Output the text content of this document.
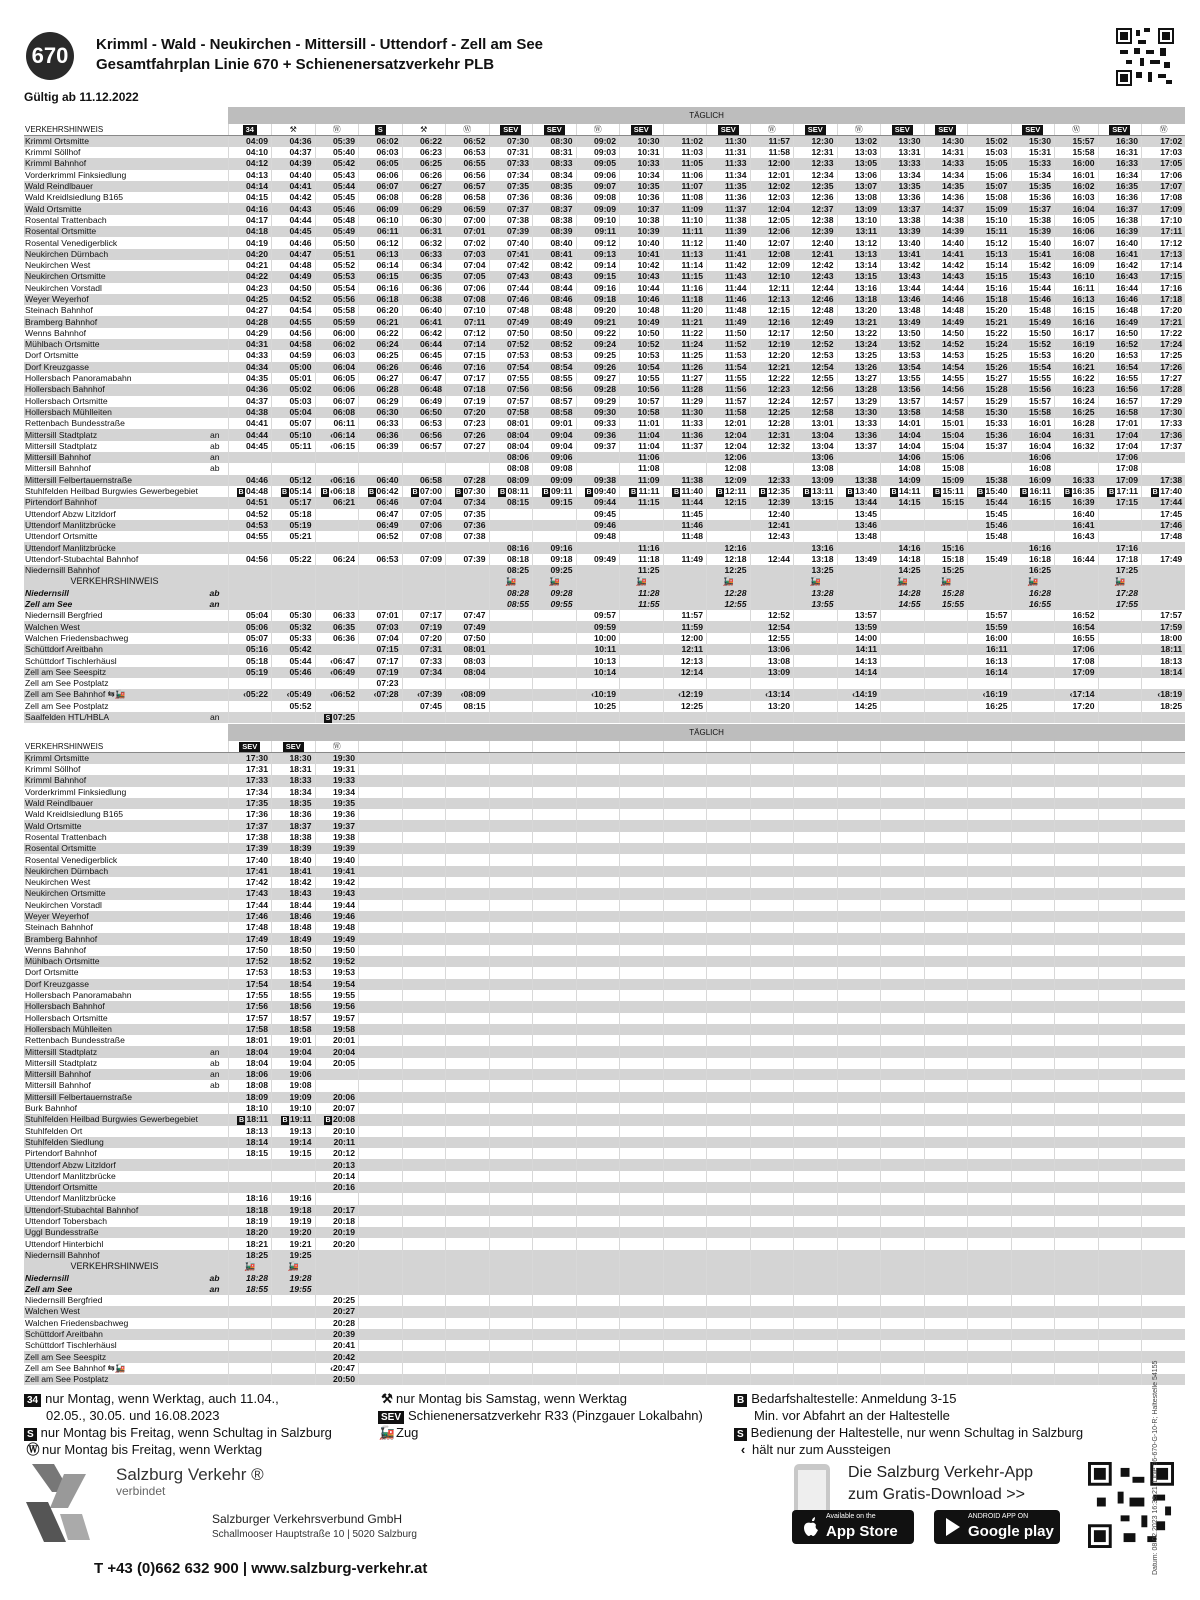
670	Krimml - Wald - Neukirchen - Mittersill - Uttendorf - Zell am See
Gesamtfahrplan Linie 670 + Schienenersatzverkehr PLB
Gültig ab 11.12.2022
		TÄGLICH																					
VERKEHRSHINWEIS		34	⚒	Ⓦ	S	⚒	Ⓦ	SEV	SEV	Ⓦ	SEV		SEV	Ⓦ	SEV	Ⓦ	SEV	SEV		SEV	Ⓦ	SEV	Ⓦ
Krimml Ortsmitte		04:09	04:36	05:39	06:02	06:22	06:52	07:30	08:30	09:02	10:30	11:02	11:30	11:57	12:30	13:02	13:30	14:30	15:02	15:30	15:57	16:30	17:02
Krimml Söllhof		04:10	04:37	05:40	06:03	06:23	06:53	07:31	08:31	09:03	10:31	11:03	11:31	11:58	12:31	13:03	13:31	14:31	15:03	15:31	15:58	16:31	17:03
Krimml Bahnhof		04:12	04:39	05:42	06:05	06:25	06:55	07:33	08:33	09:05	10:33	11:05	11:33	12:00	12:33	13:05	13:33	14:33	15:05	15:33	16:00	16:33	17:05
Vorderkrimml Finksiedlung		04:13	04:40	05:43	06:06	06:26	06:56	07:34	08:34	09:06	10:34	11:06	11:34	12:01	12:34	13:06	13:34	14:34	15:06	15:34	16:01	16:34	17:06
Wald Reindlbauer		04:14	04:41	05:44	06:07	06:27	06:57	07:35	08:35	09:07	10:35	11:07	11:35	12:02	12:35	13:07	13:35	14:35	15:07	15:35	16:02	16:35	17:07
Wald Kreidlsiedlung B165		04:15	04:42	05:45	06:08	06:28	06:58	07:36	08:36	09:08	10:36	11:08	11:36	12:03	12:36	13:08	13:36	14:36	15:08	15:36	16:03	16:36	17:08
Wald Ortsmitte		04:16	04:43	05:46	06:09	06:29	06:59	07:37	08:37	09:09	10:37	11:09	11:37	12:04	12:37	13:09	13:37	14:37	15:09	15:37	16:04	16:37	17:09
Rosental Trattenbach		04:17	04:44	05:48	06:10	06:30	07:00	07:38	08:38	09:10	10:38	11:10	11:38	12:05	12:38	13:10	13:38	14:38	15:10	15:38	16:05	16:38	17:10
Rosental Ortsmitte		04:18	04:45	05:49	06:11	06:31	07:01	07:39	08:39	09:11	10:39	11:11	11:39	12:06	12:39	13:11	13:39	14:39	15:11	15:39	16:06	16:39	17:11
Rosental Venedigerblick		04:19	04:46	05:50	06:12	06:32	07:02	07:40	08:40	09:12	10:40	11:12	11:40	12:07	12:40	13:12	13:40	14:40	15:12	15:40	16:07	16:40	17:12
Neukirchen Dürnbach		04:20	04:47	05:51	06:13	06:33	07:03	07:41	08:41	09:13	10:41	11:13	11:41	12:08	12:41	13:13	13:41	14:41	15:13	15:41	16:08	16:41	17:13
Neukirchen West		04:21	04:48	05:52	06:14	06:34	07:04	07:42	08:42	09:14	10:42	11:14	11:42	12:09	12:42	13:14	13:42	14:42	15:14	15:42	16:09	16:42	17:14
Neukirchen Ortsmitte		04:22	04:49	05:53	06:15	06:35	07:05	07:43	08:43	09:15	10:43	11:15	11:43	12:10	12:43	13:15	13:43	14:43	15:15	15:43	16:10	16:43	17:15
Neukirchen Vorstadl		04:23	04:50	05:54	06:16	06:36	07:06	07:44	08:44	09:16	10:44	11:16	11:44	12:11	12:44	13:16	13:44	14:44	15:16	15:44	16:11	16:44	17:16
Weyer Weyerhof		04:25	04:52	05:56	06:18	06:38	07:08	07:46	08:46	09:18	10:46	11:18	11:46	12:13	12:46	13:18	13:46	14:46	15:18	15:46	16:13	16:46	17:18
Steinach Bahnhof		04:27	04:54	05:58	06:20	06:40	07:10	07:48	08:48	09:20	10:48	11:20	11:48	12:15	12:48	13:20	13:48	14:48	15:20	15:48	16:15	16:48	17:20
Bramberg Bahnhof		04:28	04:55	05:59	06:21	06:41	07:11	07:49	08:49	09:21	10:49	11:21	11:49	12:16	12:49	13:21	13:49	14:49	15:21	15:49	16:16	16:49	17:21
Wenns Bahnhof		04:29	04:56	06:00	06:22	06:42	07:12	07:50	08:50	09:22	10:50	11:22	11:50	12:17	12:50	13:22	13:50	14:50	15:22	15:50	16:17	16:50	17:22
Mühlbach Ortsmitte		04:31	04:58	06:02	06:24	06:44	07:14	07:52	08:52	09:24	10:52	11:24	11:52	12:19	12:52	13:24	13:52	14:52	15:24	15:52	16:19	16:52	17:24
Dorf Ortsmitte		04:33	04:59	06:03	06:25	06:45	07:15	07:53	08:53	09:25	10:53	11:25	11:53	12:20	12:53	13:25	13:53	14:53	15:25	15:53	16:20	16:53	17:25
Dorf Kreuzgasse		04:34	05:00	06:04	06:26	06:46	07:16	07:54	08:54	09:26	10:54	11:26	11:54	12:21	12:54	13:26	13:54	14:54	15:26	15:54	16:21	16:54	17:26
Hollersbach Panoramabahn		04:35	05:01	06:05	06:27	06:47	07:17	07:55	08:55	09:27	10:55	11:27	11:55	12:22	12:55	13:27	13:55	14:55	15:27	15:55	16:22	16:55	17:27
Hollersbach Bahnhof		04:36	05:02	06:06	06:28	06:48	07:18	07:56	08:56	09:28	10:56	11:28	11:56	12:23	12:56	13:28	13:56	14:56	15:28	15:56	16:23	16:56	17:28
Hollersbach Ortsmitte		04:37	05:03	06:07	06:29	06:49	07:19	07:57	08:57	09:29	10:57	11:29	11:57	12:24	12:57	13:29	13:57	14:57	15:29	15:57	16:24	16:57	17:29
Hollersbach Mühlleiten		04:38	05:04	06:08	06:30	06:50	07:20	07:58	08:58	09:30	10:58	11:30	11:58	12:25	12:58	13:30	13:58	14:58	15:30	15:58	16:25	16:58	17:30
Rettenbach Bundesstraße		04:41	05:07	06:11	06:33	06:53	07:23	08:01	09:01	09:33	11:01	11:33	12:01	12:28	13:01	13:33	14:01	15:01	15:33	16:01	16:28	17:01	17:33
Mittersill Stadtplatz	an	04:44	05:10	‹06:14	06:36	06:56	07:26	08:04	09:04	09:36	11:04	11:36	12:04	12:31	13:04	13:36	14:04	15:04	15:36	16:04	16:31	17:04	17:36
Mittersill Stadtplatz	ab	04:45	05:11	‹06:15	06:39	06:57	07:27	08:04	09:04	09:37	11:04	11:37	12:04	12:32	13:04	13:37	14:04	15:04	15:37	16:04	16:32	17:04	17:37
Mittersill Bahnhof	an							08:06	09:06		11:06		12:06		13:06		14:06	15:06		16:06		17:06	
Mittersill Bahnhof	ab							08:08	09:08		11:08		12:08		13:08		14:08	15:08		16:08		17:08	
Mittersill Felbertauernstraße		04:46	05:12	‹06:16	06:40	06:58	07:28	08:09	09:09	09:38	11:09	11:38	12:09	12:33	13:09	13:38	14:09	15:09	15:38	16:09	16:33	17:09	17:38
Stuhlfelden Heilbad Burgwies Gewerbegebiet		B 04:48	B 05:14	B ‹06:18	B 06:42	B 07:00	B 07:30	B 08:11	B 09:11	B 09:40	B 11:11	B 11:40	B 12:11	B 12:35	B 13:11	B 13:40	B 14:11	B 15:11	B 15:40	B 16:11	B 16:35	B 17:11	B 17:40
Pirtendorf Bahnhof		04:51	05:17	06:21	06:46	07:04	07:34	08:15	09:15	09:44	11:15	11:44	12:15	12:39	13:15	13:44	14:15	15:15	15:44	16:15	16:39	17:15	17:44
Uttendorf Abzw Litzldorf		04:52	05:18		06:47	07:05	07:35			09:45		11:45		12:40		13:45			15:45		16:40		17:45
Uttendorf Manlitzbrücke		04:53	05:19		06:49	07:06	07:36			09:46		11:46		12:41		13:46			15:46		16:41		17:46
Uttendorf Ortsmitte		04:55	05:21		06:52	07:08	07:38			09:48		11:48		12:43		13:48			15:48		16:43		17:48
Uttendorf Manlitzbrücke								08:16	09:16		11:16		12:16		13:16		14:16	15:16		16:16		17:16	
Uttendorf-Stubachtal Bahnhof		04:56	05:22	06:24	06:53	07:09	07:39	08:18	09:18	09:49	11:18	11:49	12:18	12:44	13:18	13:49	14:18	15:18	15:49	16:18	16:44	17:18	17:49
Niedernsill Bahnhof								08:25	09:25		11:25		12:25		13:25		14:25	15:25		16:25		17:25	
VERKEHRSHINWEIS								🚂	🚂		🚂		🚂		🚂		🚂	🚂		🚂		🚂	
Niedernsill	ab							08:28	09:28		11:28		12:28		13:28		14:28	15:28		16:28		17:28	
Zell am See	an							08:55	09:55		11:55		12:55		13:55		14:55	15:55		16:55		17:55	
Niedernsill Bergfried		05:04	05:30	06:33	07:01	07:17	07:47			09:57		11:57		12:52		13:57			15:57		16:52		17:57
Walchen West		05:06	05:32	06:35	07:03	07:19	07:49			09:59		11:59		12:54		13:59			15:59		16:54		17:59
Walchen Friedensbachweg		05:07	05:33	06:36	07:04	07:20	07:50			10:00		12:00		12:55		14:00			16:00		16:55		18:00
Schüttdorf Areitbahn		05:16	05:42		07:15	07:31	08:01			10:11		12:11		13:06		14:11			16:11		17:06		18:11
Schüttdorf Tischlerhäusl		05:18	05:44	‹06:47	07:17	07:33	08:03			10:13		12:13		13:08		14:13			16:13		17:08		18:13
Zell am See Seespitz		05:19	05:46	‹06:49	07:19	07:34	08:04			10:14		12:14		13:09		14:14			16:14		17:09		18:14
Zell am See Postplatz					07:23																		
Zell am See Bahnhof ⇆🚂		‹05:22	‹05:49	‹06:52	‹07:28	‹07:39	‹08:09			‹10:19		‹12:19		‹13:14		‹14:19			‹16:19		‹17:14		‹18:19
Zell am See Postplatz			05:52			07:45	08:15			10:25		12:25		13:20		14:25			16:25		17:20		18:25
Saalfelden HTL/HBLA	an			S 07:25																			
		TÄGLICH																					
VERKEHRSHINWEIS		SEV	SEV	Ⓦ																			
Krimml Ortsmitte		17:30	18:30	19:30																			
Krimml Söllhof		17:31	18:31	19:31																			
Krimml Bahnhof		17:33	18:33	19:33																			
Vorderkrimml Finksiedlung		17:34	18:34	19:34																			
Wald Reindlbauer		17:35	18:35	19:35																			
Wald Kreidlsiedlung B165		17:36	18:36	19:36																			
Wald Ortsmitte		17:37	18:37	19:37																			
Rosental Trattenbach		17:38	18:38	19:38																			
Rosental Ortsmitte		17:39	18:39	19:39																			
Rosental Venedigerblick		17:40	18:40	19:40																			
Neukirchen Dürnbach		17:41	18:41	19:41																			
Neukirchen West		17:42	18:42	19:42																			
Neukirchen Ortsmitte		17:43	18:43	19:43																			
Neukirchen Vorstadl		17:44	18:44	19:44																			
Weyer Weyerhof		17:46	18:46	19:46																			
Steinach Bahnhof		17:48	18:48	19:48																			
Bramberg Bahnhof		17:49	18:49	19:49																			
Wenns Bahnhof		17:50	18:50	19:50																			
Mühlbach Ortsmitte		17:52	18:52	19:52																			
Dorf Ortsmitte		17:53	18:53	19:53																			
Dorf Kreuzgasse		17:54	18:54	19:54																			
Hollersbach Panoramabahn		17:55	18:55	19:55																			
Hollersbach Bahnhof		17:56	18:56	19:56																			
Hollersbach Ortsmitte		17:57	18:57	19:57																			
Hollersbach Mühlleiten		17:58	18:58	19:58																			
Rettenbach Bundesstraße		18:01	19:01	20:01																			
Mittersill Stadtplatz	an	18:04	19:04	20:04																			
Mittersill Stadtplatz	ab	18:04	19:04	20:05																			
Mittersill Bahnhof	an	18:06	19:06																				
Mittersill Bahnhof	ab	18:08	19:08																				
Mittersill Felbertauernstraße		18:09	19:09	20:06																			
Burk Bahnhof		18:10	19:10	20:07																			
Stuhlfelden Heilbad Burgwies Gewerbegebiet		B 18:11	B 19:11	B 20:08																			
Stuhlfelden Ort		18:13	19:13	20:10																			
Stuhlfelden Siedlung		18:14	19:14	20:11																			
Pirtendorf Bahnhof		18:15	19:15	20:12																			
Uttendorf Abzw Litzldorf				20:13																			
Uttendorf Manlitzbrücke				20:14																			
Uttendorf Ortsmitte				20:16																			
Uttendorf Manlitzbrücke		18:16	19:16																				
Uttendorf-Stubachtal Bahnhof		18:18	19:18	20:17																			
Uttendorf Tobersbach		18:19	19:19	20:18																			
Uggl Bundesstraße		18:20	19:20	20:19																			
Uttendorf Hinterbichl		18:21	19:21	20:20																			
Niedernsill Bahnhof		18:25	19:25																				
VERKEHRSHINWEIS		🚂	🚂																				
Niedernsill	ab	18:28	19:28																				
Zell am See	an	18:55	19:55																				
Niedernsill Bergfried				20:25																			
Walchen West				20:27																			
Walchen Friedensbachweg				20:28																			
Schüttdorf Areitbahn				20:39																			
Schüttdorf Tischlerhäusl				20:41																			
Zell am See Seespitz				20:42																			
Zell am See Bahnhof ⇆🚂				‹20:47																			
Zell am See Postplatz				20:50																			
34 nur Montag, wenn Werktag, auch 11.04.,
02.05., 30.05. und 16.08.2023
S nur Montag bis Freitag, wenn Schultag in Salzburg
Ⓦ nur Montag bis Freitag, wenn Werktag
⚒ nur Montag bis Samstag, wenn Werktag
SEV Schienenersatzverkehr R33 (Pinzgauer Lokalbahn)
🚂Zug
B Bedarfshaltestelle: Anmeldung 3-15
Min. vor Abfahrt an der Haltestelle
S Bedienung der Haltestelle, nur wenn Schultag in Salzburg
‹ hält nur zum Aussteigen
Salzburg Verkehr ®
verbindet
Salzburger Verkehrsverbund GmbH
Schallmooser Hauptstraße 10 | 5020 Salzburg
T +43 (0)662 632 900 | www.salzburg-verkehr.at
Die Salzburg Verkehr-App
zum Gratis-Download >>
Available on the
App Store
ANDROID APP ON
Google play	Datum: 08.02.2023 16:38:21; Linie 96-670-G-10-R; Haltestelle 54155
